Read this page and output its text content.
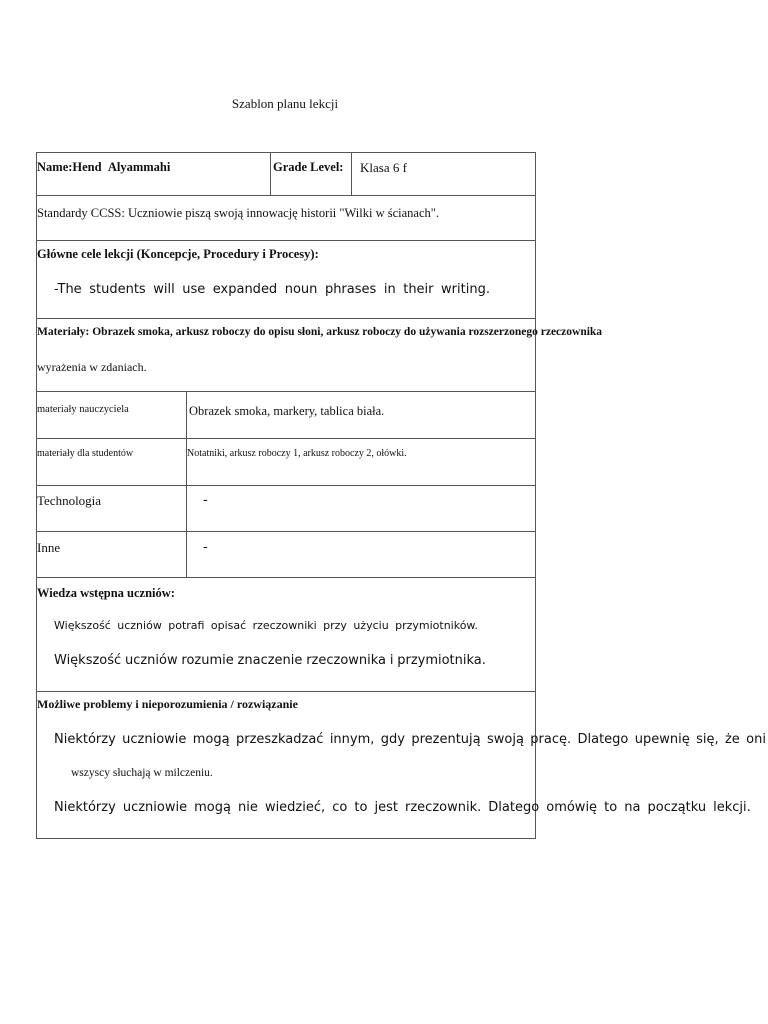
Szablon planu lekcji
Name:Hend Alyammahi	Grade Level: Klasa 6 f
Standardy CCSS: Uczniowie piszą swoją innowację historii "Wilki w ścianach".
Główne cele lekcji (Koncepcje, Procedury i Procesy):
-The students will use expanded noun phrases in their writing.
Materiały: Obrazek smoka, arkusz roboczy do opisu słoni, arkusz roboczy do używania rozszerzonego rzeczownika
wyrażenia w zdaniach.
materiały nauczyciela	Obrazek smoka, markery, tablica biała.
materiały dla studentów	Notatniki, arkusz roboczy 1, arkusz roboczy 2, ołówki.
Technologia	-
Inne	-
Wiedza wstępna uczniów:
Większość uczniów potrafi opisać rzeczowniki przy użyciu przymiotników.
Większość uczniów rozumie znaczenie rzeczownika i przymiotnika.
Możliwe problemy i nieporozumienia / rozwiązanie
Niektórzy uczniowie mogą przeszkadzać innym, gdy prezentują swoją pracę. Dlatego upewnię się, że oni
wszyscy słuchają w milczeniu.
Niektórzy uczniowie mogą nie wiedzieć, co to jest rzeczownik. Dlatego omówię to na początku lekcji.
